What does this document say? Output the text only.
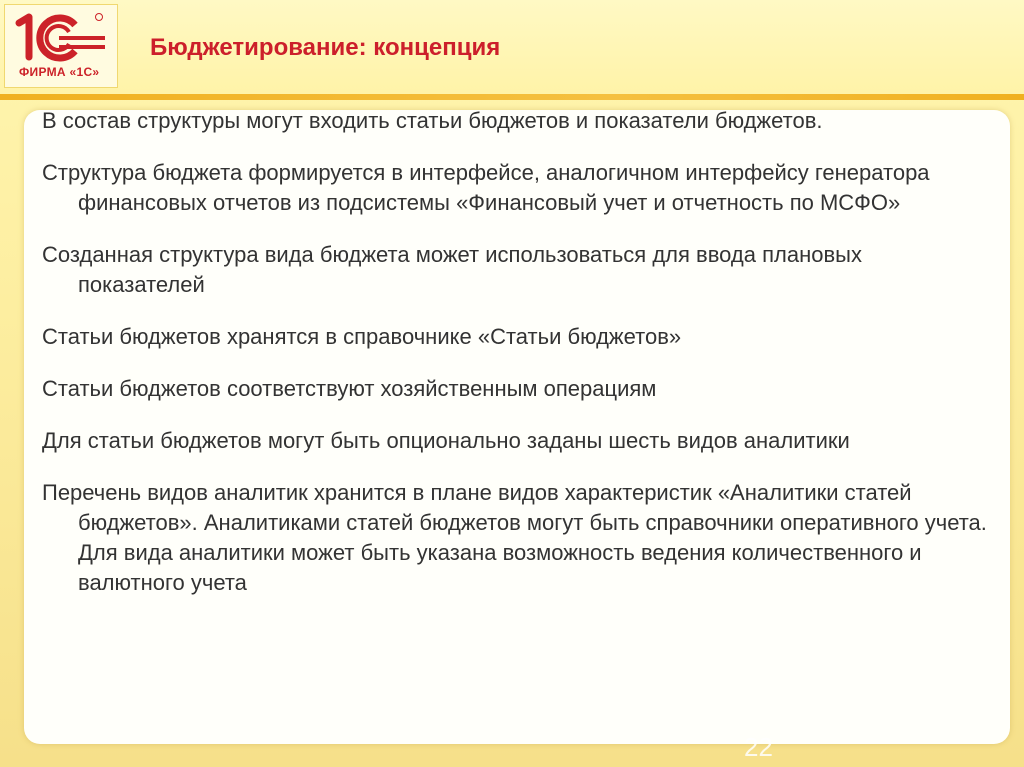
ФИРМА «1С»
Бюджетирование: концепция

В состав структуры могут входить статьи бюджетов и показатели бюджетов.

Структура бюджета формируется в интерфейсе, аналогичном интерфейсу генератора финансовых отчетов из подсистемы «Финансовый учет и отчетность по МСФО»

Созданная структура вида бюджета может использоваться для ввода плановых показателей

Статьи бюджетов хранятся в справочнике «Статьи бюджетов»

Статьи бюджетов соответствуют хозяйственным операциям

Для статьи бюджетов могут быть опционально заданы шесть видов аналитики

Перечень видов аналитик хранится в плане видов характеристик «Аналитики статей бюджетов». Аналитиками статей бюджетов могут быть справочники оперативного учета. Для вида аналитики может быть указана возможность ведения количественного и валютного учета

22
